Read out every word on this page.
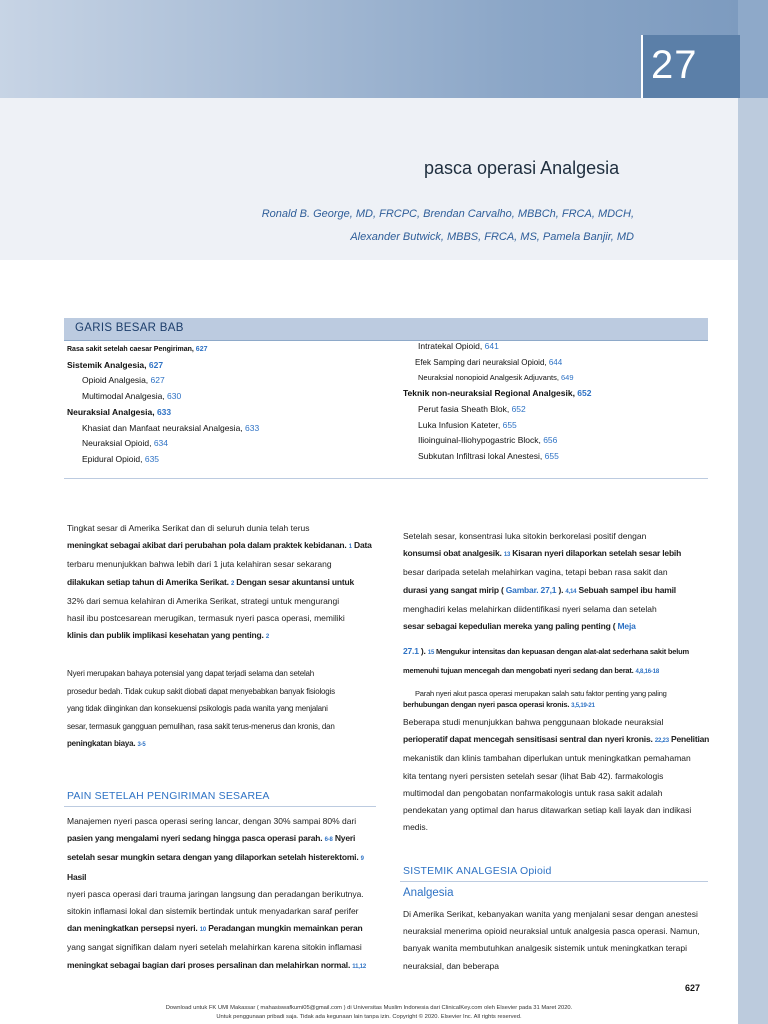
27
pasca operasi Analgesia
Ronald B. George, MD, FRCPC, Brendan Carvalho, MBBCh, FRCA, MDCH,
Alexander Butwick, MBBS, FRCA, MS, Pamela Banjir, MD
GARIS BESAR BAB
Rasa sakit setelah caesar Pengiriman, 627
Sistemik Analgesia, 627
Opioid Analgesia, 627
Multimodal Analgesia, 630
Neuraksial Analgesia, 633
Khasiat dan Manfaat neuraksial Analgesia, 633
Neuraksial Opioid, 634
Epidural Opioid, 635
Intratekal Opioid, 641
Efek Samping dari neuraksial Opioid, 644
Neuraksial nonopioid Analgesik Adjuvants, 649
Teknik non-neuraksial Regional Analgesik, 652
Perut fasia Sheath Blok, 652
Luka Infusion Kateter, 655
Ilioinguinal-Iliohypogastric Block, 656
Subkutan Infiltrasi lokal Anestesi, 655

Tingkat sesar di Amerika Serikat dan di seluruh dunia telah terus

meningkat sebagai akibat dari perubahan pola dalam praktek kebidanan. 1 Data

terbaru menunjukkan bahwa lebih dari 1 juta kelahiran sesar sekarang

dilakukan setiap tahun di Amerika Serikat. 2 Dengan sesar akuntansi untuk

32% dari semua kelahiran di Amerika Serikat, strategi untuk mengurangi

hasil ibu postcesarean merugikan, termasuk nyeri pasca operasi, memiliki

klinis dan publik implikasi kesehatan yang penting. 2

Nyeri merupakan bahaya potensial yang dapat terjadi selama dan setelah

prosedur bedah. Tidak cukup sakit diobati dapat menyebabkan banyak fisiologis

yang tidak diinginkan dan konsekuensi psikologis pada wanita yang menjalani

sesar, termasuk gangguan pemulihan, rasa sakit terus-menerus dan kronis, dan

peningkatan biaya. 3-5

PAIN SETELAH PENGIRIMAN SESAREA

Manajemen nyeri pasca operasi sering lancar, dengan 30% sampai 80% dari

pasien yang mengalami nyeri sedang hingga pasca operasi parah. 6-8 Nyeri

setelah sesar mungkin setara dengan yang dilaporkan setelah histerektomi. 9 Hasil

nyeri pasca operasi dari trauma jaringan langsung dan peradangan berikutnya.

sitokin inflamasi lokal dan sistemik bertindak untuk menyadarkan saraf perifer

dan meningkatkan persepsi nyeri. 10 Peradangan mungkin memainkan peran

yang sangat signifikan dalam nyeri setelah melahirkan karena sitokin inflamasi

meningkat sebagai bagian dari proses persalinan dan melahirkan normal. 11,12

Setelah sesar, konsentrasi luka sitokin berkorelasi positif dengan

konsumsi obat analgesik. 13 Kisaran nyeri dilaporkan setelah sesar lebih

besar daripada setelah melahirkan vagina, tetapi beban rasa sakit dan

durasi yang sangat mirip ( Gambar. 27,1 ). 4,14 Sebuah sampel ibu hamil

menghadiri kelas melahirkan diidentifikasi nyeri selama dan setelah

sesar sebagai kepedulian mereka yang paling penting ( Meja

27.1 ). 15 Mengukur intensitas dan kepuasan dengan alat-alat sederhana sakit belum

memenuhi tujuan mencegah dan mengobati nyeri sedang dan berat. 4,8,16-18

Parah nyeri akut pasca operasi merupakan salah satu faktor penting yang paling

berhubungan dengan nyeri pasca operasi kronis. 3,5,19-21

Beberapa studi menunjukkan bahwa penggunaan blokade neuraksial

perioperatif dapat mencegah sensitisasi sentral dan nyeri kronis. 22,23 Penelitian

mekanistik dan klinis tambahan diperlukan untuk meningkatkan pemahaman

kita tentang nyeri persisten setelah sesar (lihat Bab 42). farmakologis

multimodal dan pengobatan nonfarmakologis untuk rasa sakit adalah

pendekatan yang optimal dan harus ditawarkan setiap kali layak dan indikasi

medis.

SISTEMIK ANALGESIA Opioid
Analgesia

Di Amerika Serikat, kebanyakan wanita yang menjalani sesar dengan anestesi

neuraksial menerima opioid neuraksial untuk analgesia pasca operasi. Namun,

banyak wanita membutuhkan analgesik sistemik untuk meningkatkan terapi

neuraksial, dan beberapa

627
Download untuk FK UMI Makassar ( mahasiswafkumi05@gmail.com ) di Universitas Muslim Indonesia dari ClinicalKey.com oleh Elsevier pada 31 Maret 2020.
Untuk penggunaan pribadi saja. Tidak ada kegunaan lain tanpa izin. Copyright © 2020. Elsevier Inc. All rights reserved.
